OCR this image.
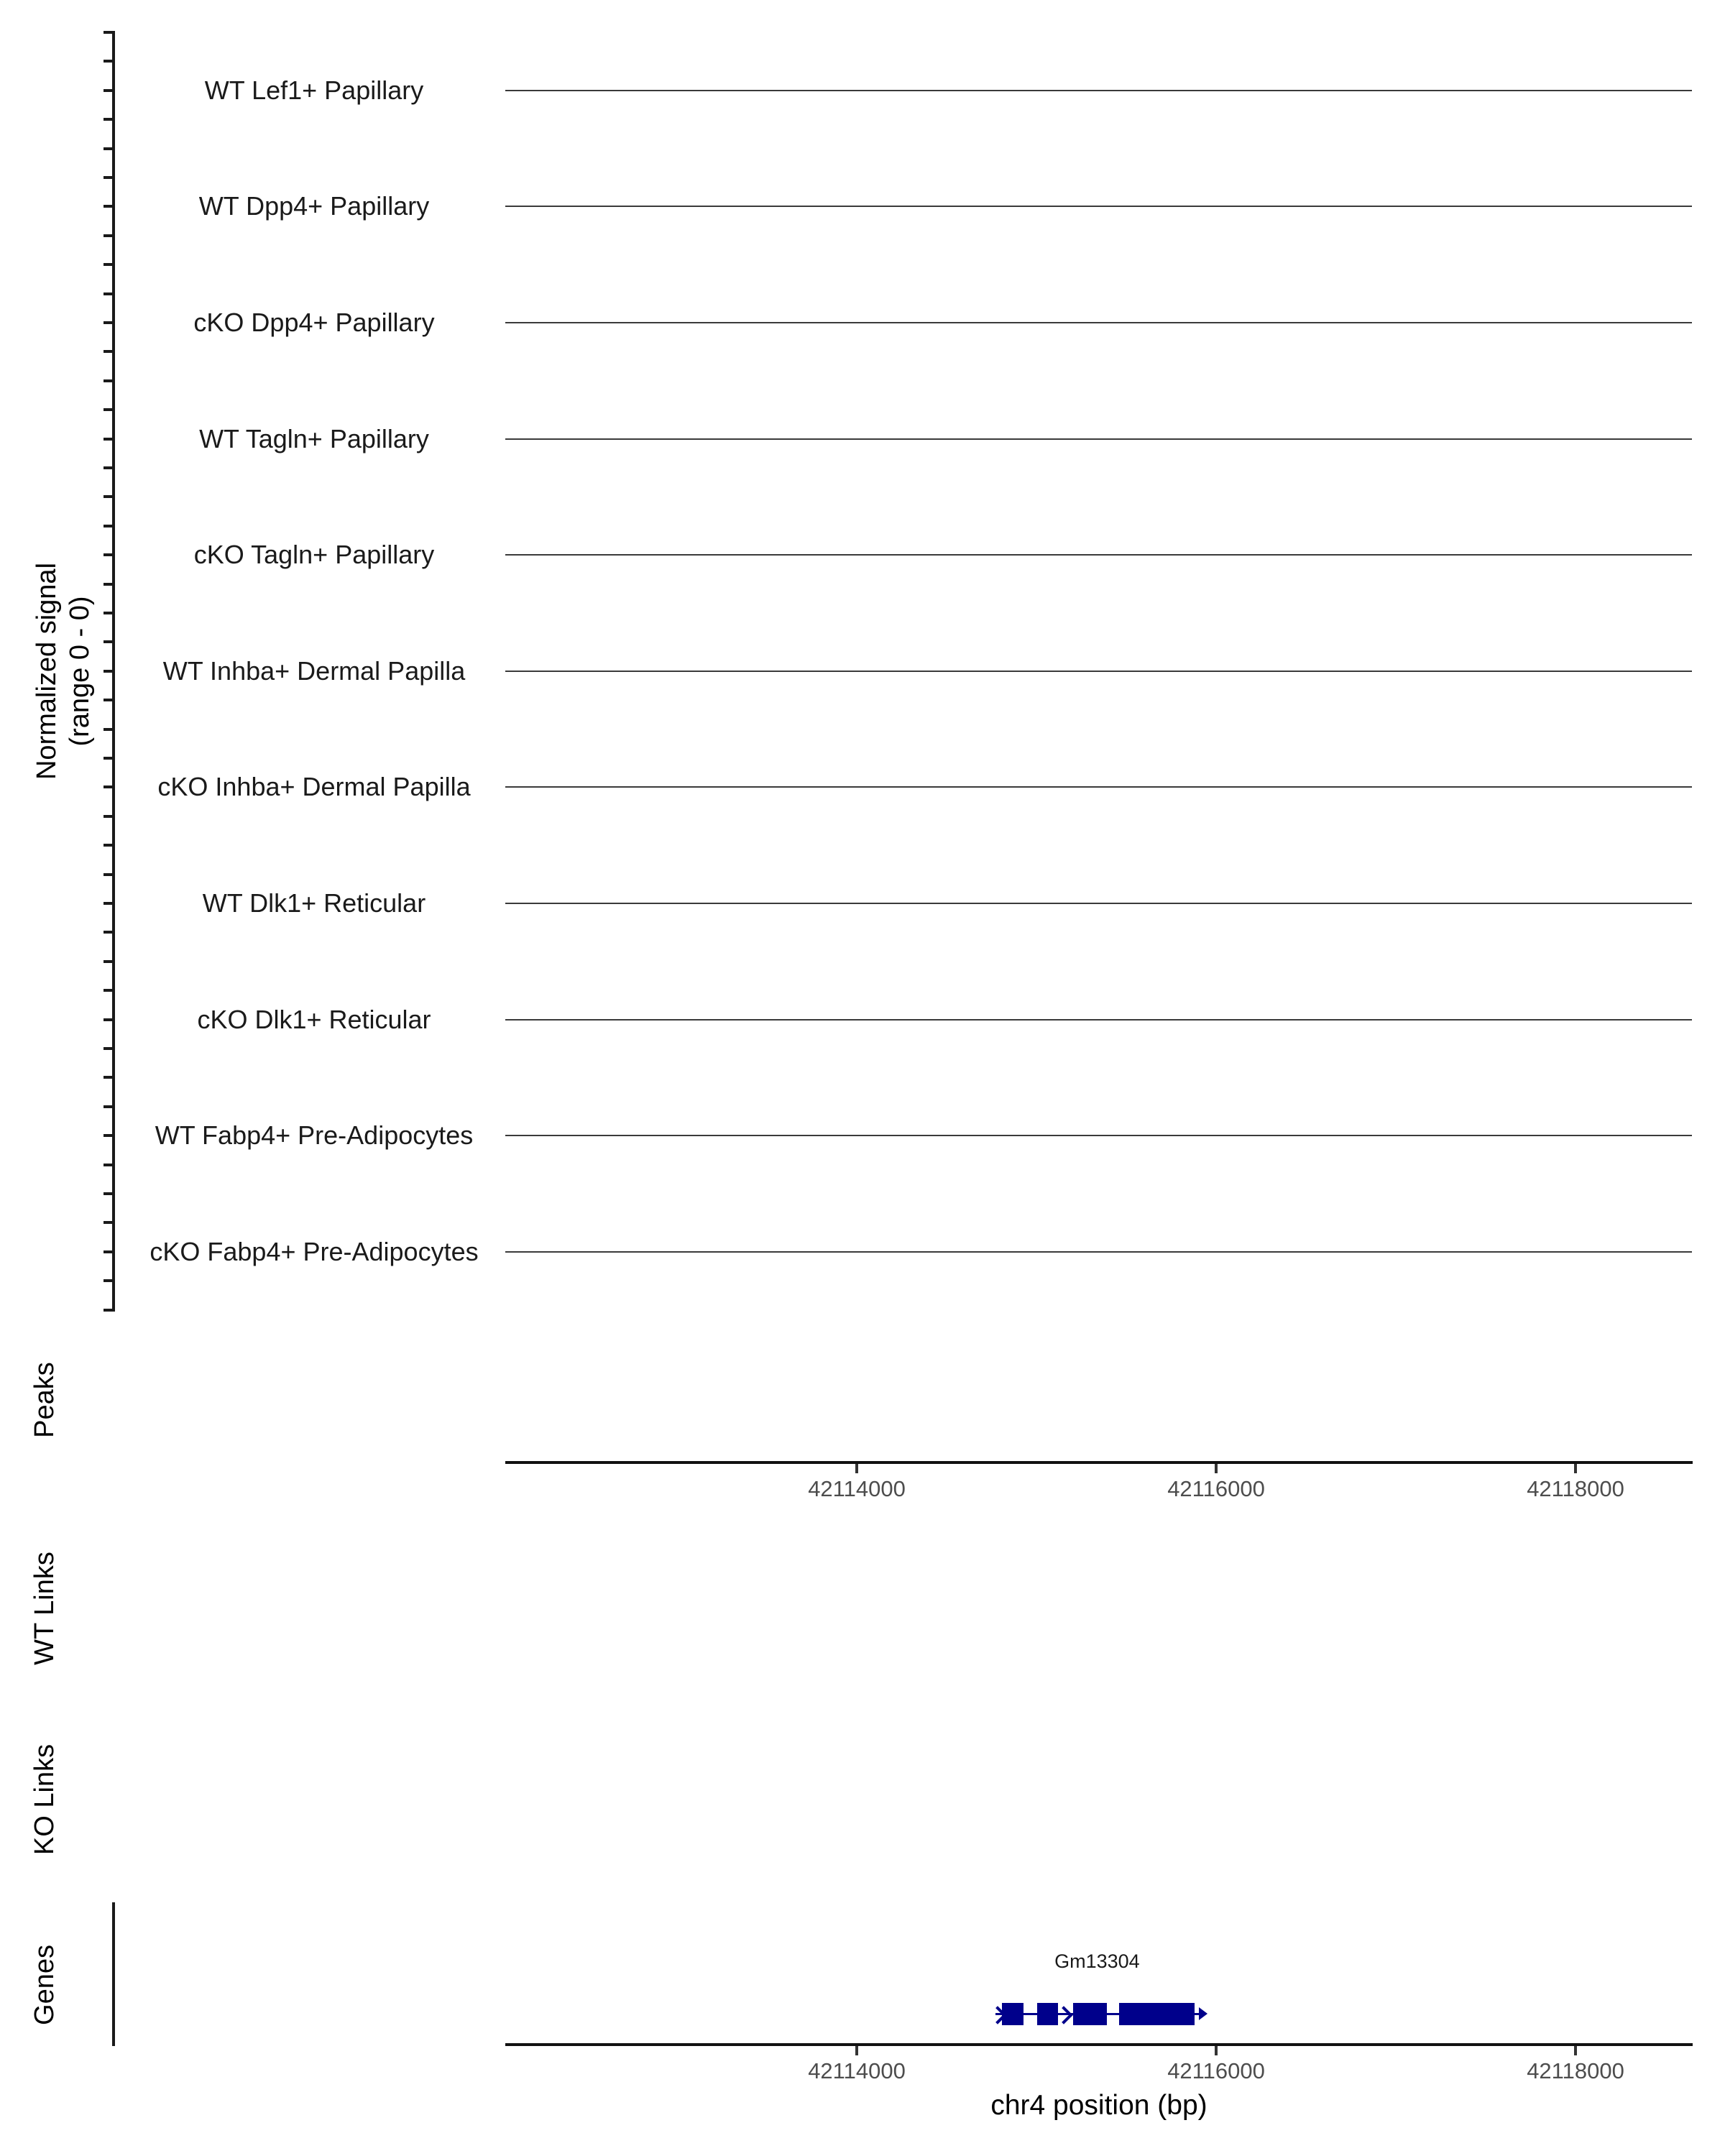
Normalized signal (range 0 - 0)
WT Lef1+ Papillary
WT Dpp4+ Papillary
cKO Dpp4+ Papillary
WT Tagln+ Papillary
cKO Tagln+ Papillary
WT Inhba+ Dermal Papilla
cKO Inhba+ Dermal Papilla
WT Dlk1+ Reticular
cKO Dlk1+ Reticular
WT Fabp4+ Pre-Adipocytes
cKO Fabp4+ Pre-Adipocytes
Peaks
WT Links
KO Links
Genes
42114000	42116000	42118000
Gm13304
42114000	42116000	42118000
chr4 position (bp)
